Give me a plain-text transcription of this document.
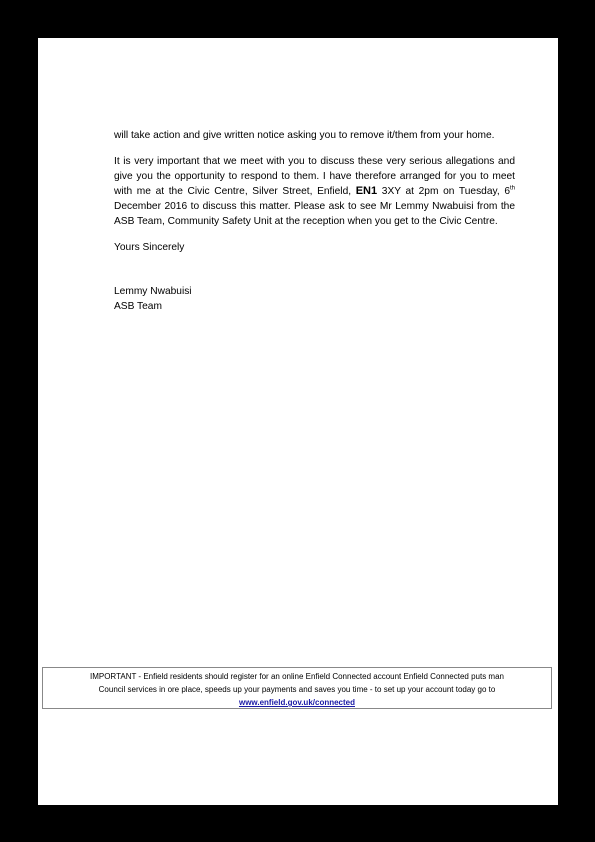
will take action and give written notice asking you to remove it/them from your home.

It is very important that we meet with you to discuss these very serious allegations and give you the opportunity to respond to them. I have therefore arranged for you to meet with me at the Civic Centre, Silver Street, Enfield, EN1 3XY at 2pm on Tuesday, 6th December 2016 to discuss this matter. Please ask to see Mr Lemmy Nwabuisi from the ASB Team, Community Safety Unit at the reception when you get to the Civic Centre.

Yours Sincerely

Lemmy Nwabuisi
ASB Team
IMPORTANT - Enfield residents should register for an online Enfield Connected account Enfield Connected puts man
Council services in ore place, speeds up your payments and saves you time - to set up your account today go to
www.enfield.gov.uk/connected
